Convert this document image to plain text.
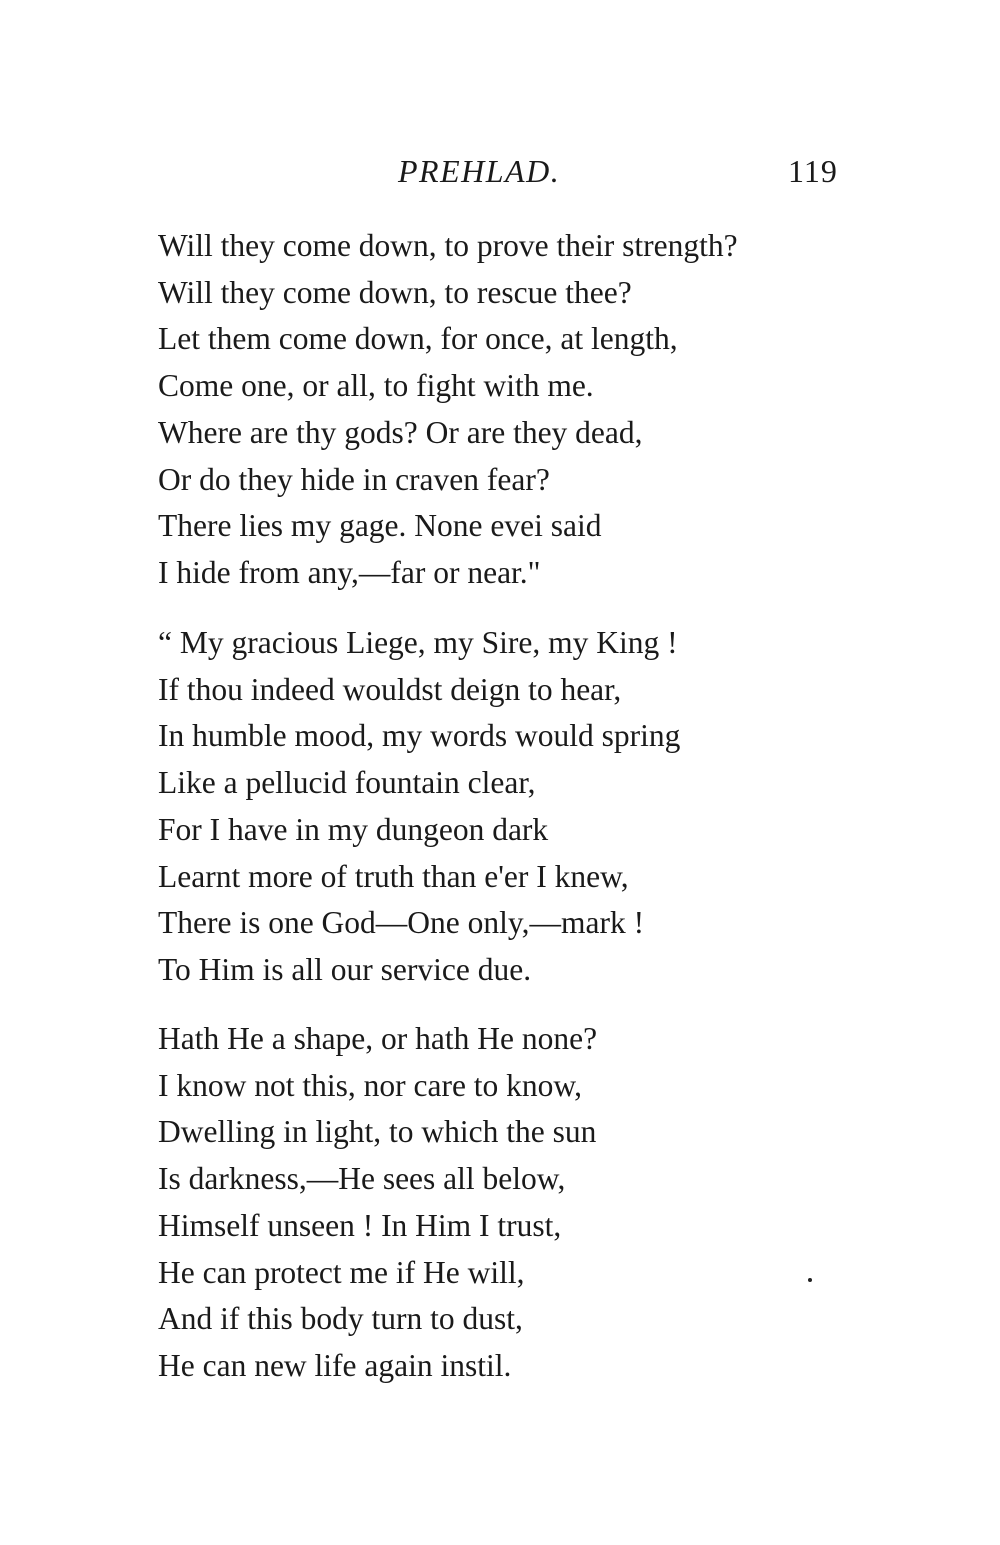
PREHLAD.	119
Will they come down, to prove their strength?
Will they come down, to rescue thee?
Let them come down, for once, at length,
Come one, or all, to fight with me.
Where are thy gods? Or are they dead,
Or do they hide in craven fear?
There lies my gage. None evei said
I hide from any,—far or near."
“ My gracious Liege, my Sire, my King !
If thou indeed wouldst deign to hear,
In humble mood, my words would spring
Like a pellucid fountain clear,
For I have in my dungeon dark
Learnt more of truth than e'er I knew,
There is one God—One only,—mark !
To Him is all our service due.
Hath He a shape, or hath He none?
I know not this, nor care to know,
Dwelling in light, to which the sun
Is darkness,—He sees all below,
Himself unseen ! In Him I trust,
He can protect me if He will,
And if this body turn to dust,
He can new life again instil.
